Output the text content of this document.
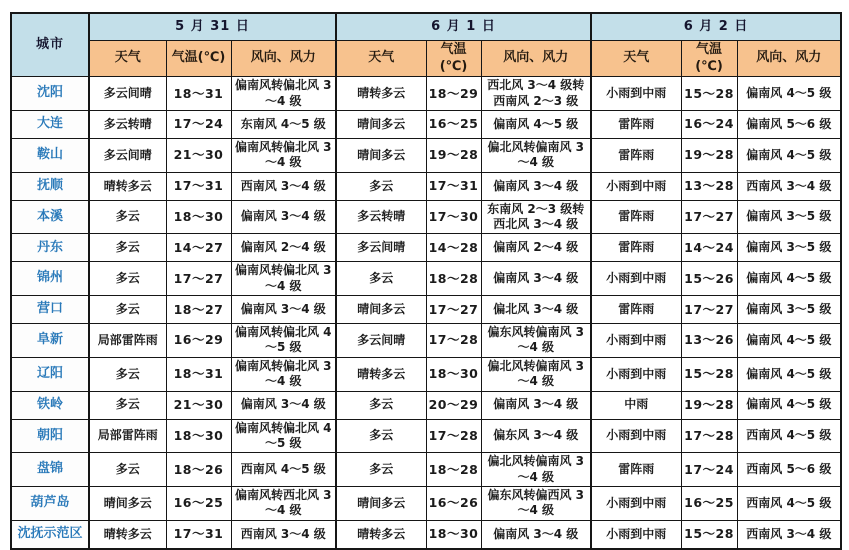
城市	5 月 31 日			6 月 1 日			6 月 2 日		
	天气	气温(℃)	风向、风力	天气	气温(℃)	风向、风力	天气	气温(℃)	风向、风力
沈阳	多云间晴	18～31	偏南风转偏北风 3～4 级	晴转多云	18～29	西北风 3～4 级转西南风 2～3 级	小雨到中雨	15～28	偏南风 4～5 级
大连	多云转晴	17～24	东南风 4～5 级	晴间多云	16～25	偏南风 4～5 级	雷阵雨	16～24	偏南风 5～6 级
鞍山	多云间晴	21～30	偏南风转偏北风 3～4 级	晴间多云	19～28	偏北风转偏南风 3～4 级	雷阵雨	19～28	偏南风 4～5 级
抚顺	晴转多云	17～31	西南风 3～4 级	多云	17～31	偏南风 3～4 级	小雨到中雨	13～28	西南风 3～4 级
本溪	多云	18～30	偏南风 3～4 级	多云转晴	17～30	东南风 2～3 级转西北风 3～4 级	雷阵雨	17～27	偏南风 3～5 级
丹东	多云	14～27	偏南风 2～4 级	多云间晴	14～28	偏南风 2～4 级	雷阵雨	14～24	偏南风 3～5 级
锦州	多云	17～27	偏南风转偏北风 3～4 级	多云	18～28	偏南风 3～4 级	小雨到中雨	15～26	偏南风 4～5 级
营口	多云	18～27	偏南风 3～4 级	晴间多云	17～27	偏北风 3～4 级	雷阵雨	17～27	偏南风 3～5 级
阜新	局部雷阵雨	16～29	偏南风转偏北风 4～5 级	多云间晴	17～28	偏东风转偏南风 3～4 级	小雨到中雨	13～26	偏南风 4～5 级
辽阳	多云	18～31	偏南风转偏北风 3～4 级	晴转多云	18～30	偏北风转偏南风 3～4 级	小雨到中雨	15～28	偏南风 4～5 级
铁岭	多云	21～30	偏南风 3～4 级	多云	20～29	偏南风 3～4 级	中雨	19～28	偏南风 4～5 级
朝阳	局部雷阵雨	18～30	偏南风转偏北风 4～5 级	多云	17～28	偏东风 3～4 级	小雨到中雨	17～28	西南风 4～5 级
盘锦	多云	18～26	西南风 4～5 级	多云	18～28	偏北风转偏南风 3～4 级	雷阵雨	17～24	西南风 5～6 级
葫芦岛	晴间多云	16～25	偏南风转西北风 3～4 级	晴间多云	16～26	偏东风转偏西风 3～4 级	小雨到中雨	16～25	西南风 4～5 级
沈抚示范区	晴转多云	17～31	西南风 3～4 级	晴转多云	18～30	偏南风 3～4 级	小雨到中雨	15～28	西南风 3～4 级
